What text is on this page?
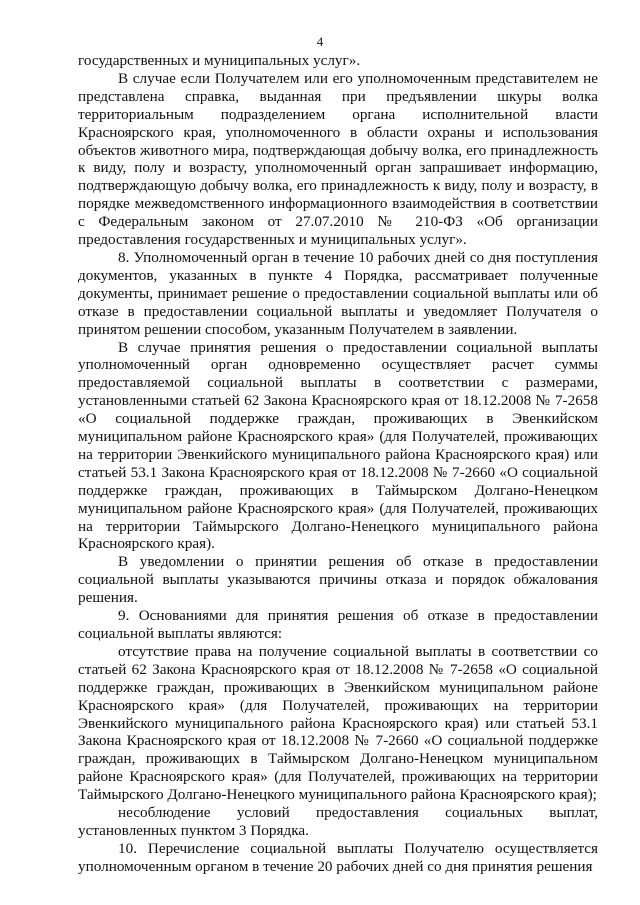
4

государственных и муниципальных услуг».

В случае если Получателем или его уполномоченным представителем не представлена справка, выданная при предъявлении шкуры волка территориальным подразделением органа исполнительной власти Красноярского края, уполномоченного в области охраны и использования объектов животного мира, подтверждающая добычу волка, его принадлежность к виду, полу и возрасту, уполномоченный орган запрашивает информацию, подтверждающую добычу волка, его принадлежность к виду, полу и возрасту, в порядке межведомственного информационного взаимодействия в соответствии с Федеральным законом от 27.07.2010 № 210-ФЗ «Об организации предоставления государственных и муниципальных услуг».

8. Уполномоченный орган в течение 10 рабочих дней со дня поступления документов, указанных в пункте 4 Порядка, рассматривает полученные документы, принимает решение о предоставлении социальной выплаты или об отказе в предоставлении социальной выплаты и уведомляет Получателя о принятом решении способом, указанным Получателем в заявлении.

В случае принятия решения о предоставлении социальной выплаты уполномоченный орган одновременно осуществляет расчет суммы предоставляемой социальной выплаты в соответствии с размерами, установленными статьей 62 Закона Красноярского края от 18.12.2008 № 7-2658 «О социальной поддержке граждан, проживающих в Эвенкийском муниципальном районе Красноярского края» (для Получателей, проживающих на территории Эвенкийского муниципального района Красноярского края) или статьей 53.1 Закона Красноярского края от 18.12.2008 № 7-2660 «О социальной поддержке граждан, проживающих в Таймырском Долгано-Ненецком муниципальном районе Красноярского края» (для Получателей, проживающих на территории Таймырского Долгано-Ненецкого муниципального района Красноярского края).

В уведомлении о принятии решения об отказе в предоставлении социальной выплаты указываются причины отказа и порядок обжалования решения.

9. Основаниями для принятия решения об отказе в предоставлении социальной выплаты являются:

отсутствие права на получение социальной выплаты в соответствии со статьей 62 Закона Красноярского края от 18.12.2008 № 7-2658 «О социальной поддержке граждан, проживающих в Эвенкийском муниципальном районе Красноярского края» (для Получателей, проживающих на территории Эвенкийского муниципального района Красноярского края) или статьей 53.1 Закона Красноярского края от 18.12.2008 № 7-2660 «О социальной поддержке граждан, проживающих в Таймырском Долгано-Ненецком муниципальном районе Красноярского края» (для Получателей, проживающих на территории Таймырского Долгано-Ненецкого муниципального района Красноярского края);

несоблюдение условий предоставления социальных выплат, установленных пунктом 3 Порядка.

10. Перечисление социальной выплаты Получателю осуществляется уполномоченным органом в течение 20 рабочих дней со дня принятия решения
